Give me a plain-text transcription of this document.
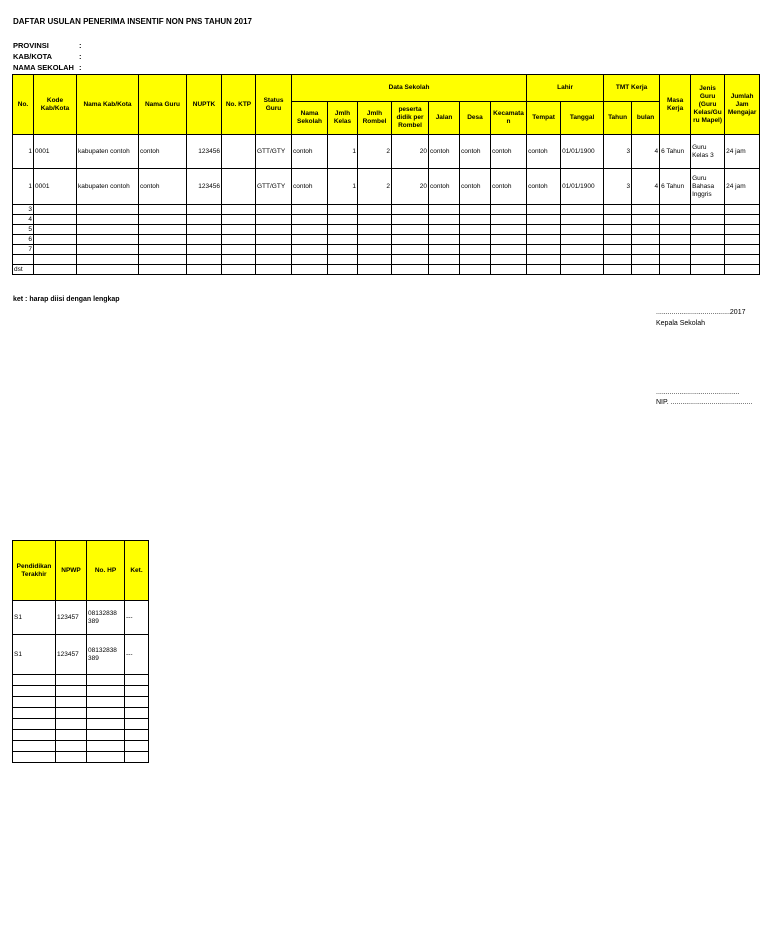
DAFTAR USULAN PENERIMA INSENTIF NON PNS TAHUN 2017
PROVINSI	:
KAB/KOTA	:
NAMA SEKOLAH :
No.	Kode Kab/Kota	Nama Kab/Kota	Nama Guru	NUPTK	No. KTP	Status Guru	Data Sekolah							Lahir		TMT Kerja		Masa Kerja	Jenis Guru (Guru Kelas/Gu ru Mapel)	Jumlah Jam Mengajar
							Nama Sekolah	Jmlh Kelas	Jmlh Rombel	peserta didik per Rombel	Jalan	Desa	Kecamata n	Tempat	Tanggal	Tahun	bulan			
1	0001	kabupaten contoh	contoh	123456		GTT/GTY	contoh	1	2	20	contoh	contoh	contoh	contoh	01/01/1900	3	4	6 Tahun	Guru Kelas 3	24 jam
1	0001	kabupaten contoh	contoh	123456		GTT/GTY	contoh	1	2	20	contoh	contoh	contoh	contoh	01/01/1900	3	4	6 Tahun	Guru Bahasa Inggris	24 jam
3																				
4																				
5																				
6																				
7																				

dst																				
ket : harap diisi dengan lengkap
......................................2017
Kepala Sekolah
...........................................
NIP. ..........................................
Pendidikan Terakhir	NPWP	No. HP	Ket.
S1	123457	08132838 389	---
S1	123457	08132838 389	---
